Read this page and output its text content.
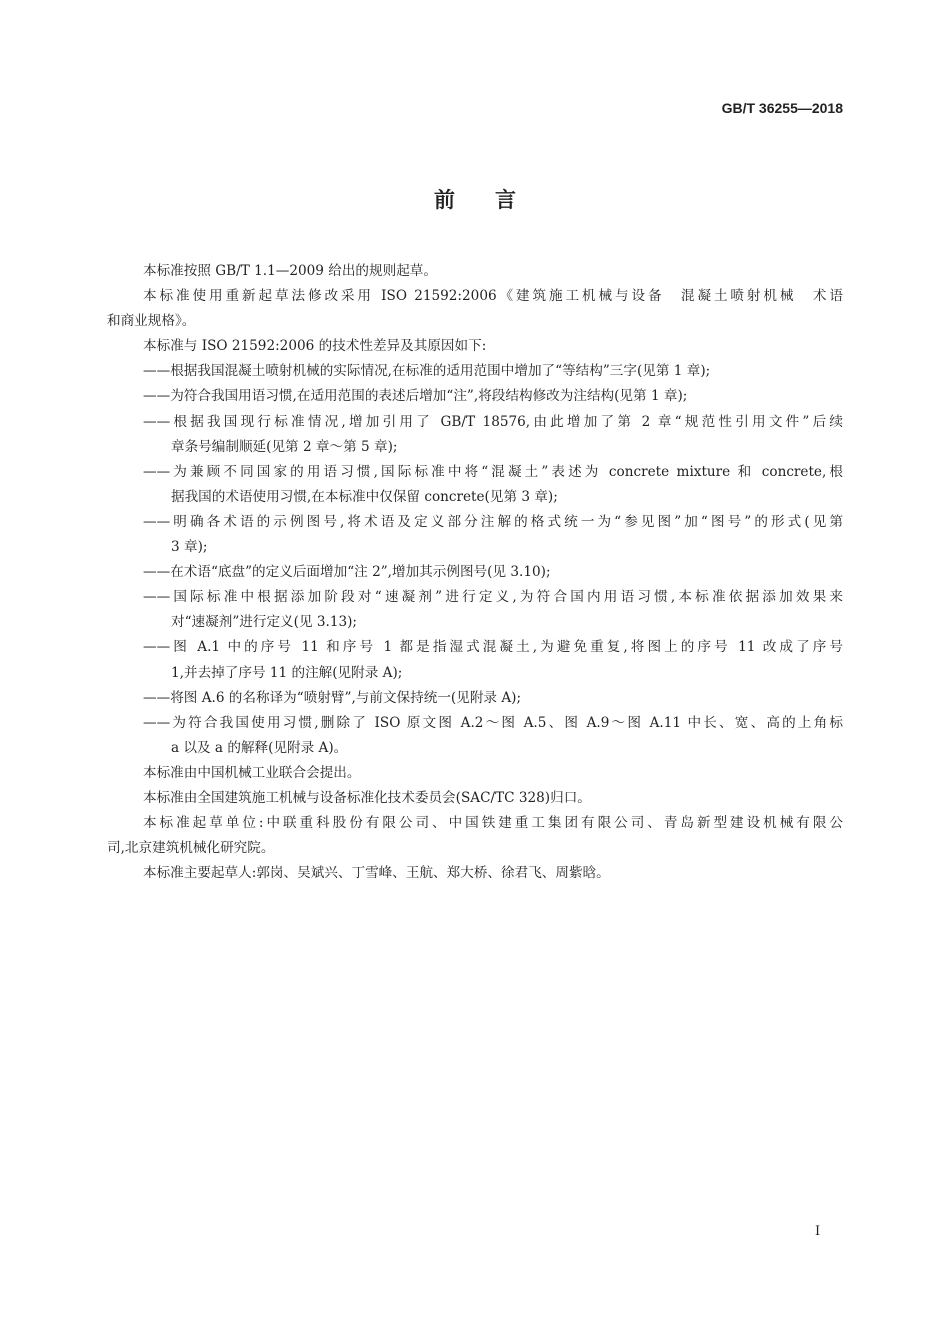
GB/T 36255—2018
前言
本标准按照 GB/T 1.1—2009 给出的规则起草。
本标准使用重新起草法修改采用 ISO 21592:2006《建筑施工机械与设备　混凝土喷射机械　术语
和商业规格》。
本标准与 ISO 21592:2006 的技术性差异及其原因如下:
——根据我国混凝土喷射机械的实际情况,在标准的适用范围中增加了“等结构”三字(见第 1 章);
——为符合我国用语习惯,在适用范围的表述后增加“注”,将段结构修改为注结构(见第 1 章);
——根据我国现行标准情况,增加引用了 GB/T 18576,由此增加了第 2 章“规范性引用文件”后续
章条号编制顺延(见第 2 章～第 5 章);
——为兼顾不同国家的用语习惯,国际标准中将“混凝土”表述为 concrete mixture 和 concrete,根
据我国的术语使用习惯,在本标准中仅保留 concrete(见第 3 章);
——明确各术语的示例图号,将术语及定义部分注解的格式统一为“参见图”加“图号”的形式(见第
3 章);
——在术语“底盘”的定义后面增加“注 2”,增加其示例图号(见 3.10);
——国际标准中根据添加阶段对“速凝剂”进行定义,为符合国内用语习惯,本标准依据添加效果来
对“速凝剂”进行定义(见 3.13);
——图 A.1 中的序号 11 和序号 1 都是指湿式混凝土,为避免重复,将图上的序号 11 改成了序号
1,并去掉了序号 11 的注解(见附录 A);
——将图 A.6 的名称译为“喷射臂”,与前文保持统一(见附录 A);
——为符合我国使用习惯,删除了 ISO 原文图 A.2～图 A.5、图 A.9～图 A.11 中长、宽、高的上角标
a 以及 a 的解释(见附录 A)。
本标准由中国机械工业联合会提出。
本标准由全国建筑施工机械与设备标准化技术委员会(SAC/TC 328)归口。
本标准起草单位:中联重科股份有限公司、中国铁建重工集团有限公司、青岛新型建设机械有限公
司,北京建筑机械化研究院。
本标准主要起草人:郭岗、吴斌兴、丁雪峰、王航、郑大桥、徐君飞、周紫晗。
I
